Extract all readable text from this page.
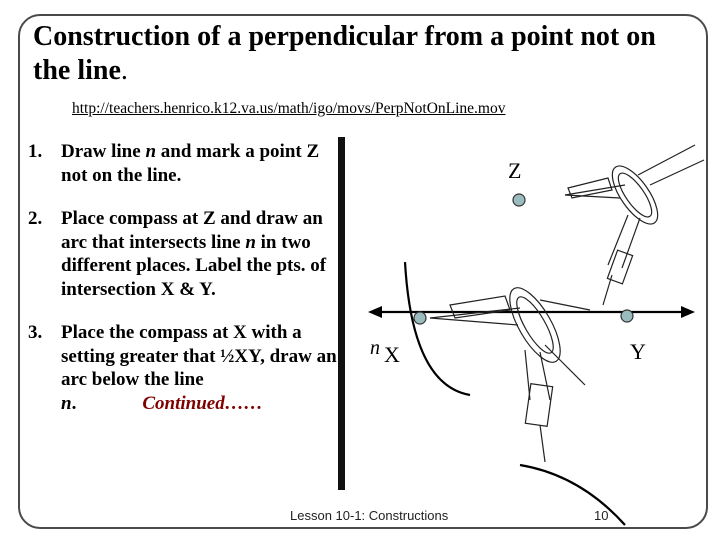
Construction of a perpendicular from a point not on the line.
http://teachers.henrico.k12.va.us/math/igo/movs/PerpNotOnLine.mov
1. Draw line n and mark a point Z not on the line.
2. Place compass at Z and draw an arc that intersects line n in two different places. Label the pts. of intersection X & Y.
3. Place the compass at X with a setting greater that ½XY, draw an arc below the line n.	Continued……
Z
n X	Y
Lesson 10-1: Constructions	10
